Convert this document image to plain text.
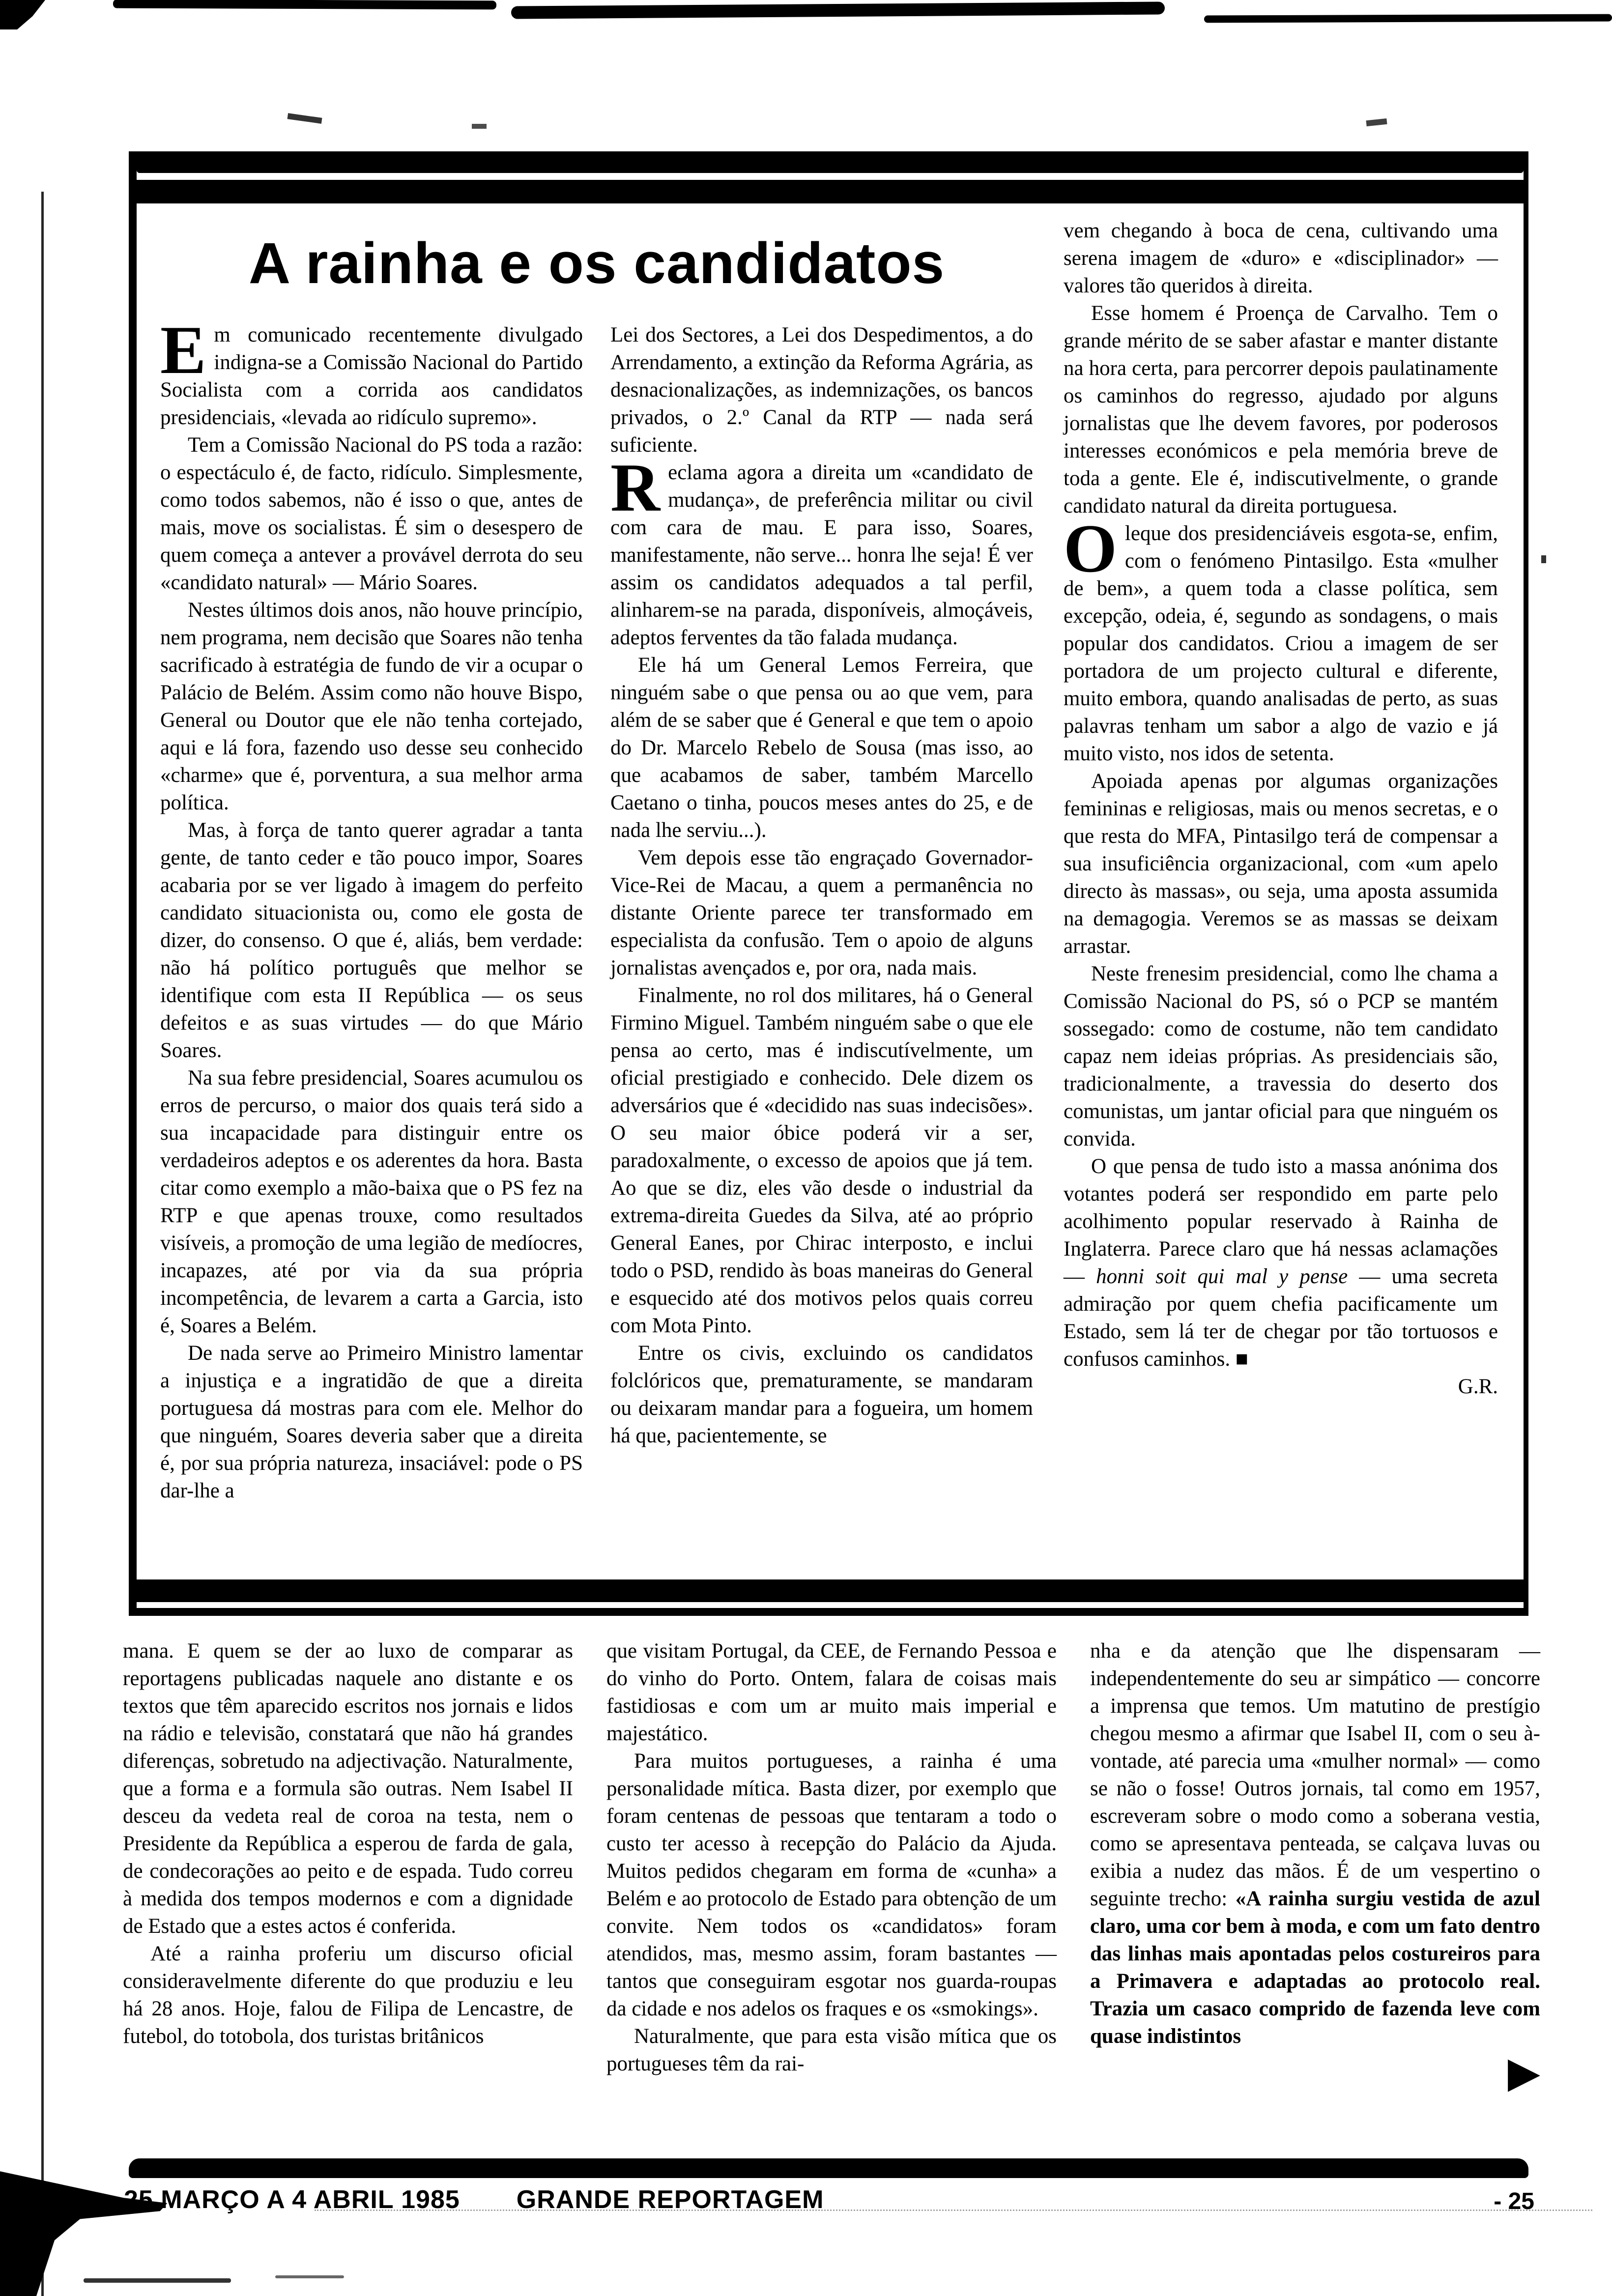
A rainha e os candidatos

Em comunicado recentemente divulgado indigna-se a Comissão Nacional do Partido Socialista com a corrida aos candidatos presidenciais, «levada ao ridículo supremo».

Tem a Comissão Nacional do PS toda a razão: o espectáculo é, de facto, ridículo. Simplesmente, como todos sabemos, não é isso o que, antes de mais, move os socialistas. É sim o desespero de quem começa a antever a provável derrota do seu «candidato natural» — Mário Soares.

Nestes últimos dois anos, não houve princípio, nem programa, nem decisão que Soares não tenha sacrificado à estratégia de fundo de vir a ocupar o Palácio de Belém. Assim como não houve Bispo, General ou Doutor que ele não tenha cortejado, aqui e lá fora, fazendo uso desse seu conhecido «charme» que é, porventura, a sua melhor arma política.

Mas, à força de tanto querer agradar a tanta gente, de tanto ceder e tão pouco impor, Soares acabaria por se ver ligado à imagem do perfeito candidato situacionista ou, como ele gosta de dizer, do consenso. O que é, aliás, bem verdade: não há político português que melhor se identifique com esta II República — os seus defeitos e as suas virtudes — do que Mário Soares.

Na sua febre presidencial, Soares acumulou os erros de percurso, o maior dos quais terá sido a sua incapacidade para distinguir entre os verdadeiros adeptos e os aderentes da hora. Basta citar como exemplo a mão-baixa que o PS fez na RTP e que apenas trouxe, como resultados visíveis, a promoção de uma legião de medíocres, incapazes, até por via da sua própria incompetência, de levarem a carta a Garcia, isto é, Soares a Belém.

De nada serve ao Primeiro Ministro lamentar a injustiça e a ingratidão de que a direita portuguesa dá mostras para com ele. Melhor do que ninguém, Soares deveria saber que a direita é, por sua própria natureza, insaciável: pode o PS dar-lhe a

Lei dos Sectores, a Lei dos Despedimentos, a do Arrendamento, a extinção da Reforma Agrária, as desnacionalizações, as indemnizações, os bancos privados, o 2.º Canal da RTP — nada será suficiente.

Reclama agora a direita um «candidato de mudança», de preferência militar ou civil com cara de mau. E para isso, Soares, manifestamente, não serve... honra lhe seja! É ver assim os candidatos adequados a tal perfil, alinharem-se na parada, disponíveis, almoçáveis, adeptos ferventes da tão falada mudança.

Ele há um General Lemos Ferreira, que ninguém sabe o que pensa ou ao que vem, para além de se saber que é General e que tem o apoio do Dr. Marcelo Rebelo de Sousa (mas isso, ao que acabamos de saber, também Marcello Caetano o tinha, poucos meses antes do 25, e de nada lhe serviu...).

Vem depois esse tão engraçado Governador-Vice-Rei de Macau, a quem a permanência no distante Oriente parece ter transformado em especialista da confusão. Tem o apoio de alguns jornalistas avençados e, por ora, nada mais.

Finalmente, no rol dos militares, há o General Firmino Miguel. Também ninguém sabe o que ele pensa ao certo, mas é indiscutívelmente, um oficial prestigiado e conhecido. Dele dizem os adversários que é «decidido nas suas indecisões». O seu maior óbice poderá vir a ser, paradoxalmente, o excesso de apoios que já tem. Ao que se diz, eles vão desde o industrial da extrema-direita Guedes da Silva, até ao próprio General Eanes, por Chirac interposto, e inclui todo o PSD, rendido às boas maneiras do General e esquecido até dos motivos pelos quais correu com Mota Pinto.

Entre os civis, excluindo os candidatos folclóricos que, prematuramente, se mandaram ou deixaram mandar para a fogueira, um homem há que, pacientemente, se

vem chegando à boca de cena, cultivando uma serena imagem de «duro» e «disciplinador» — valores tão queridos à direita.

Esse homem é Proença de Carvalho. Tem o grande mérito de se saber afastar e manter distante na hora certa, para percorrer depois paulatinamente os caminhos do regresso, ajudado por alguns jornalistas que lhe devem favores, por poderosos interesses económicos e pela memória breve de toda a gente. Ele é, indiscutivelmente, o grande candidato natural da direita portuguesa.

Oleque dos presidenciáveis esgota-se, enfim, com o fenómeno Pintasilgo. Esta «mulher de bem», a quem toda a classe política, sem excepção, odeia, é, segundo as sondagens, o mais popular dos candidatos. Criou a imagem de ser portadora de um projecto cultural e diferente, muito embora, quando analisadas de perto, as suas palavras tenham um sabor a algo de vazio e já muito visto, nos idos de setenta.

Apoiada apenas por algumas organizações femininas e religiosas, mais ou menos secretas, e o que resta do MFA, Pintasilgo terá de compensar a sua insuficiência organizacional, com «um apelo directo às massas», ou seja, uma aposta assumida na demagogia. Veremos se as massas se deixam arrastar.

Neste frenesim presidencial, como lhe chama a Comissão Nacional do PS, só o PCP se mantém sossegado: como de costume, não tem candidato capaz nem ideias próprias. As presidenciais são, tradicionalmente, a travessia do deserto dos comunistas, um jantar oficial para que ninguém os convida.

O que pensa de tudo isto a massa anónima dos votantes poderá ser respondido em parte pelo acolhimento popular reservado à Rainha de Inglaterra. Parece claro que há nessas aclamações — honni soit qui mal y pense — uma secreta admiração por quem chefia pacificamente um Estado, sem lá ter de chegar por tão tortuosos e confusos caminhos. ■

G.R.

mana. E quem se der ao luxo de comparar as reportagens publicadas naquele ano distante e os textos que têm aparecido escritos nos jornais e lidos na rádio e televisão, constatará que não há grandes diferenças, sobretudo na adjectivação. Naturalmente, que a forma e a formula são outras. Nem Isabel II desceu da vedeta real de coroa na testa, nem o Presidente da República a esperou de farda de gala, de condecorações ao peito e de espada. Tudo correu à medida dos tempos modernos e com a dignidade de Estado que a estes actos é conferida.

Até a rainha proferiu um discurso oficial consideravelmente diferente do que produziu e leu há 28 anos. Hoje, falou de Filipa de Lencastre, de futebol, do totobola, dos turistas britânicos

que visitam Portugal, da CEE, de Fernando Pessoa e do vinho do Porto. Ontem, falara de coisas mais fastidiosas e com um ar muito mais imperial e majestático.

Para muitos portugueses, a rainha é uma personalidade mítica. Basta dizer, por exemplo que foram centenas de pessoas que tentaram a todo o custo ter acesso à recepção do Palácio da Ajuda. Muitos pedidos chegaram em forma de «cunha» a Belém e ao protocolo de Estado para obtenção de um convite. Nem todos os «candidatos» foram atendidos, mas, mesmo assim, foram bastantes — tantos que conseguiram esgotar nos guarda-roupas da cidade e nos adelos os fraques e os «smokings».

Naturalmente, que para esta visão mítica que os portugueses têm da rai-

nha e da atenção que lhe dispensaram — independentemente do seu ar simpático — concorre a imprensa que temos. Um matutino de prestígio chegou mesmo a afirmar que Isabel II, com o seu à-vontade, até parecia uma «mulher normal» — como se não o fosse! Outros jornais, tal como em 1957, escreveram sobre o modo como a soberana vestia, como se apresentava penteada, se calçava luvas ou exibia a nudez das mãos. É de um vespertino o seguinte trecho: «A rainha surgiu vestida de azul claro, uma cor bem à moda, e com um fato dentro das linhas mais apontadas pelos costureiros para a Primavera e adaptadas ao protocolo real. Trazia um casaco comprido de fazenda leve com quase indistintos

▶

25 MARÇO A 4 ABRIL 1985 GRANDE REPORTAGEM	- 25
